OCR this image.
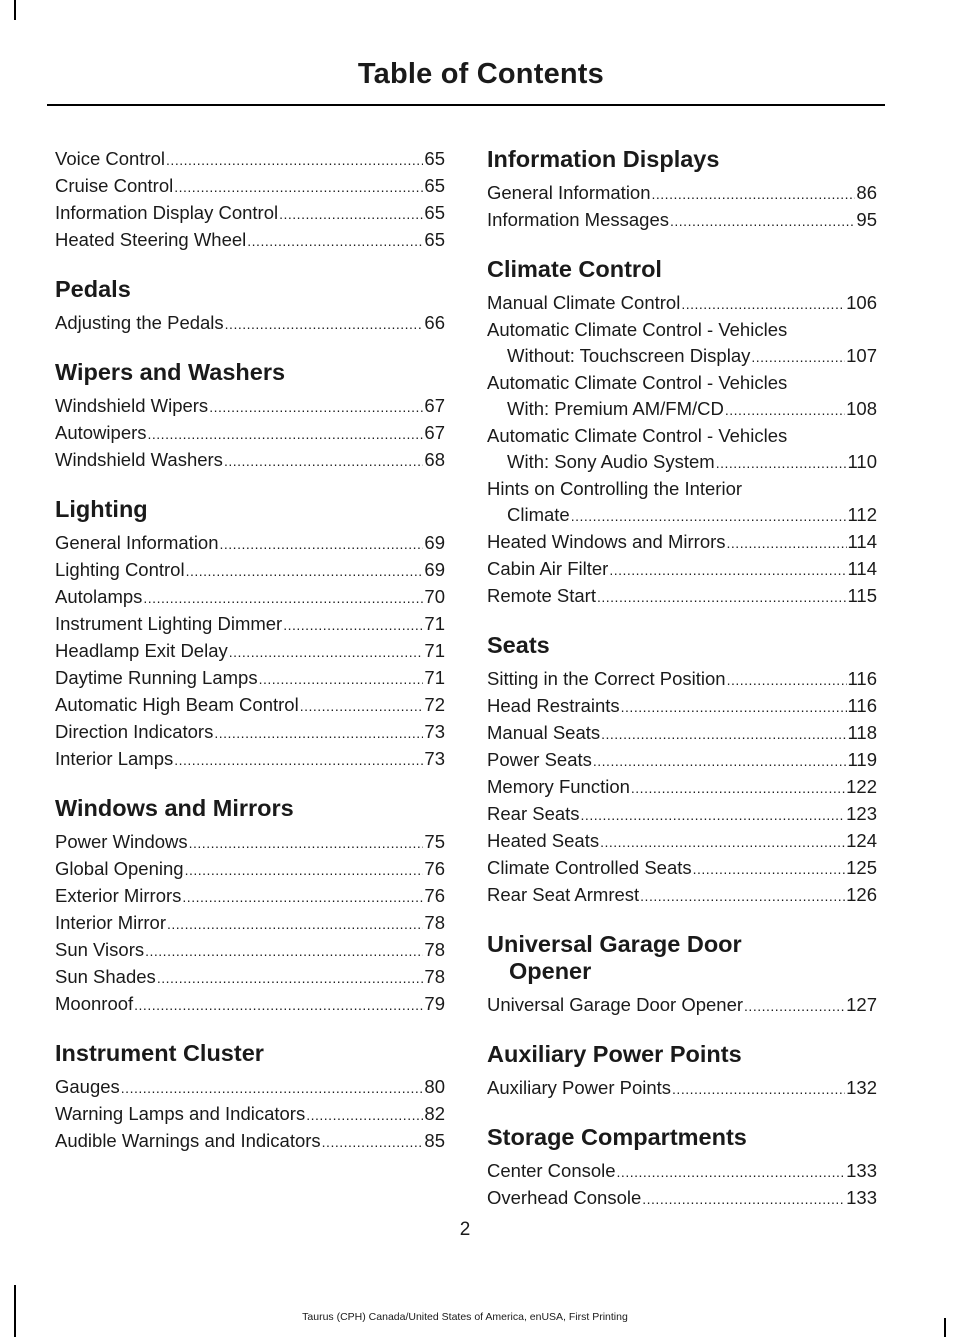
Table of Contents
Voice Control .....	65
Cruise Control .....	65
Information Display Control .....	65
Heated Steering Wheel .....	65
Pedals
Adjusting the Pedals .....	66
Wipers and Washers
Windshield Wipers .....	67
Autowipers .....	67
Windshield Washers .....	68
Lighting
General Information .....	69
Lighting Control .....	69
Autolamps .....	70
Instrument Lighting Dimmer .....	71
Headlamp Exit Delay .....	71
Daytime Running Lamps .....	71
Automatic High Beam Control .....	72
Direction Indicators .....	73
Interior Lamps .....	73
Windows and Mirrors
Power Windows .....	75
Global Opening .....	76
Exterior Mirrors .....	76
Interior Mirror .....	78
Sun Visors .....	78
Sun Shades .....	78
Moonroof .....	79
Instrument Cluster
Gauges .....	80
Warning Lamps and Indicators .....	82
Audible Warnings and Indicators .....	85
Information Displays
General Information .....	86
Information Messages .....	95
Climate Control
Manual Climate Control .....	106
Automatic Climate Control - Vehicles
Without: Touchscreen Display .....	107
Automatic Climate Control - Vehicles
With: Premium AM/FM/CD .....	108
Automatic Climate Control - Vehicles
With: Sony Audio System .....	110
Hints on Controlling the Interior
Climate .....	112
Heated Windows and Mirrors .....	114
Cabin Air Filter .....	114
Remote Start .....	115
Seats
Sitting in the Correct Position .....	116
Head Restraints .....	116
Manual Seats .....	118
Power Seats .....	119
Memory Function .....	122
Rear Seats .....	123
Heated Seats .....	124
Climate Controlled Seats .....	125
Rear Seat Armrest .....	126
Universal Garage Door
Opener
Universal Garage Door Opener .....	127
Auxiliary Power Points
Auxiliary Power Points .....	132
Storage Compartments
Center Console .....	133
Overhead Console .....	133
2
Taurus (CPH) Canada/United States of America, enUSA, First Printing
